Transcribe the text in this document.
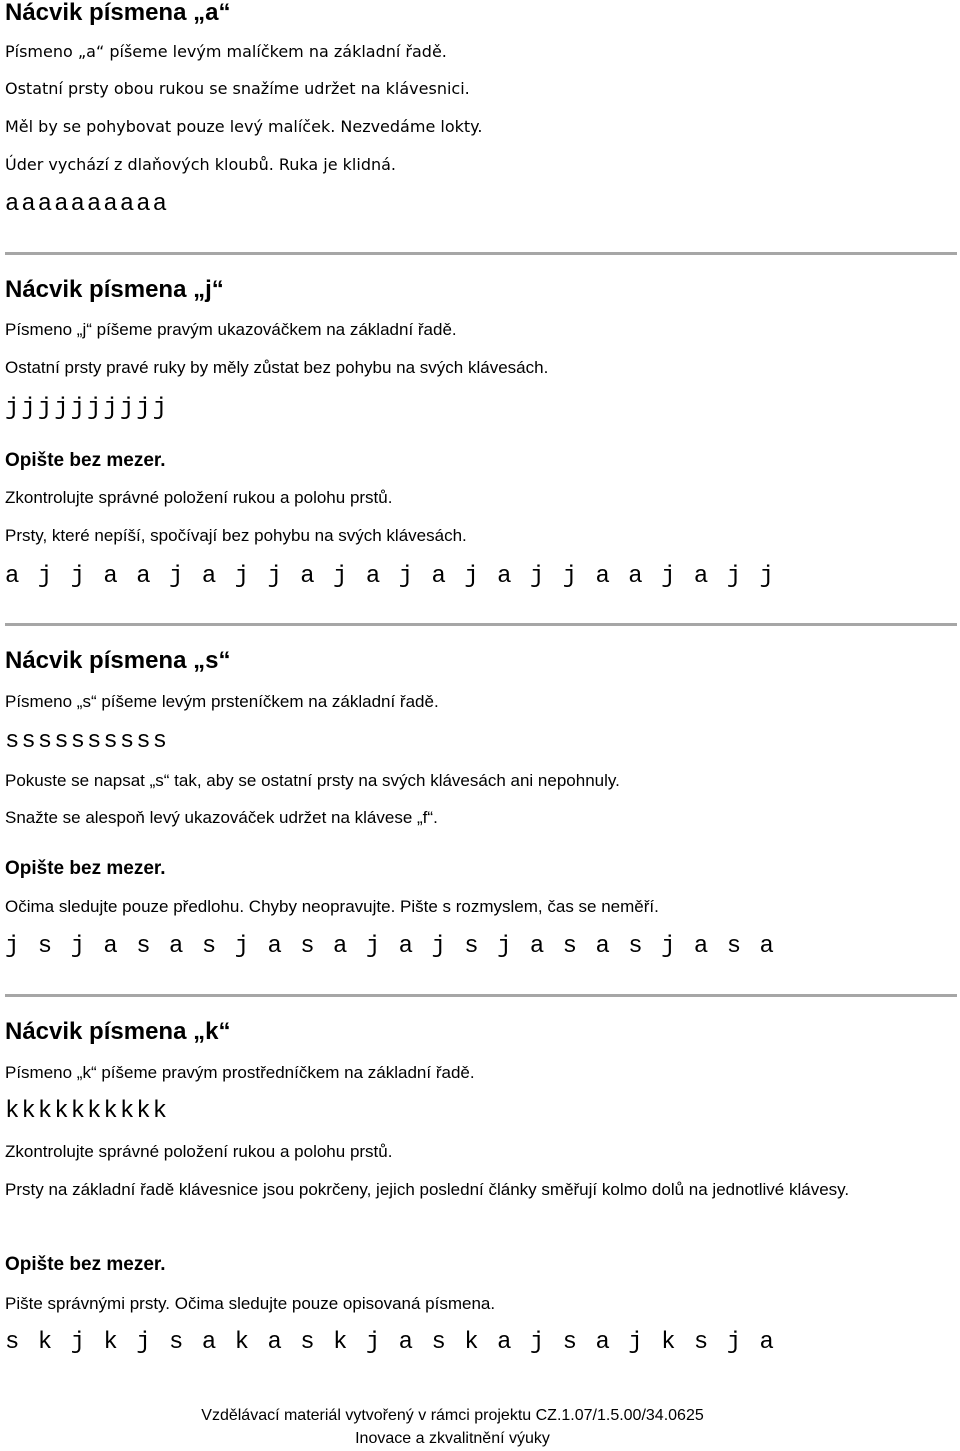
Nácvik písmena „a“
Písmeno „a“ píšeme levým malíčkem na základní řadě.
Ostatní prsty obou rukou se snažíme udržet na klávesnici.
Měl by se pohybovat pouze levý malíček. Nezvedáme lokty.
Úder vychází z dlaňových kloubů. Ruka je klidná.
aaaaaaaaaa
Nácvik písmena „j“
Písmeno „j“ píšeme pravým ukazováčkem na základní řadě.
Ostatní prsty pravé ruky by měly zůstat bez pohybu na svých klávesách.
jjjjjjjjjj
Opište bez mezer.
Zkontrolujte správné položení rukou a polohu prstů.
Prsty, které nepíší, spočívají bez pohybu na svých klávesách.
a j j a a j a j j a j a j a j a j j a a j a j j
Nácvik písmena „s“
Písmeno „s“ píšeme levým prsteníčkem na základní řadě.
ssssssssss
Pokuste se napsat „s“ tak, aby se ostatní prsty na svých klávesách ani nepohnuly.
Snažte se alespoň levý ukazováček udržet na klávese „f“.
Opište bez mezer.
Očima sledujte pouze předlohu. Chyby neopravujte. Pište s rozmyslem, čas se neměří.
j s j a s a s j a s a j a j s j a s a s j a s a
Nácvik písmena „k“
Písmeno „k“ píšeme pravým prostředníčkem na základní řadě.
kkkkkkkkkk
Zkontrolujte správné položení rukou a polohu prstů.
Prsty na základní řadě klávesnice jsou pokrčeny, jejich poslední články směřují kolmo dolů na jednotlivé klávesy.
Opište bez mezer.
Pište správnými prsty. Očima sledujte pouze opisovaná písmena.
s k j k j s a k a s k j a s k a j s a j k s j a
Vzdělávací materiál vytvořený v rámci projektu CZ.1.07/1.5.00/34.0625
Inovace a zkvalitnění výuky
